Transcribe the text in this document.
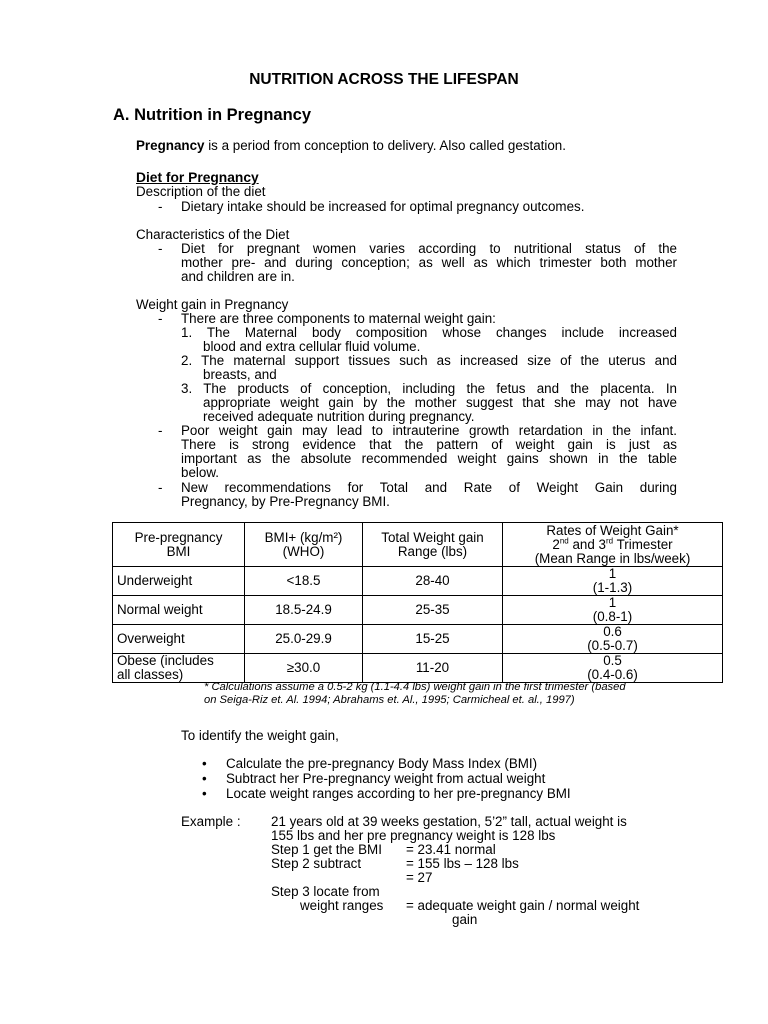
NUTRITION ACROSS THE LIFESPAN
A. Nutrition in Pregnancy
Pregnancy is a period from conception to delivery. Also called gestation.
Diet for Pregnancy
Description of the diet
- Dietary intake should be increased for optimal pregnancy outcomes.
Characteristics of the Diet
- Diet for pregnant women varies according to nutritional status of the
mother pre- and during conception; as well as which trimester both mother
and children are in.
Weight gain in Pregnancy
- There are three components to maternal weight gain:
1. The Maternal body composition whose changes include increased
blood and extra cellular fluid volume.
2. The maternal support tissues such as increased size of the uterus and
breasts, and
3. The products of conception, including the fetus and the placenta. In
appropriate weight gain by the mother suggest that she may not have
received adequate nutrition during pregnancy.
- Poor weight gain may lead to intrauterine growth retardation in the infant.
There is strong evidence that the pattern of weight gain is just as
important as the absolute recommended weight gains shown in the table
below.
- New recommendations for Total and Rate of Weight Gain during
Pregnancy, by Pre-Pregnancy BMI.
Pre-pregnancy
BMI	BMI+ (kg/m²)
(WHO)	Total Weight gain
Range (lbs)	Rates of Weight Gain*
2nd and 3rd Trimester
(Mean Range in lbs/week)
Underweight	<18.5	28-40	1
(1-1.3)
Normal weight	18.5-24.9	25-35	1
(0.8-1)
Overweight	25.0-29.9	15-25	0.6
(0.5-0.7)
Obese (includes
all classes)	≥30.0	11-20	0.5
(0.4-0.6)
* Calculations assume a 0.5-2 kg (1.1-4.4 lbs) weight gain in the first trimester (based
on Seiga-Riz et. Al. 1994; Abrahams et. Al., 1995; Carmicheal et. al., 1997)
To identify the weight gain,
• Calculate the pre-pregnancy Body Mass Index (BMI)
• Subtract her Pre-pregnancy weight from actual weight
• Locate weight ranges according to her pre-pregnancy BMI
Example : 21 years old at 39 weeks gestation, 5’2” tall, actual weight is
155 lbs and her pre pregnancy weight is 128 lbs
Step 1 get the BMI = 23.41 normal
Step 2 subtract	= 155 lbs – 128 lbs
= 27
Step 3 locate from
weight ranges = adequate weight gain / normal weight
gain
